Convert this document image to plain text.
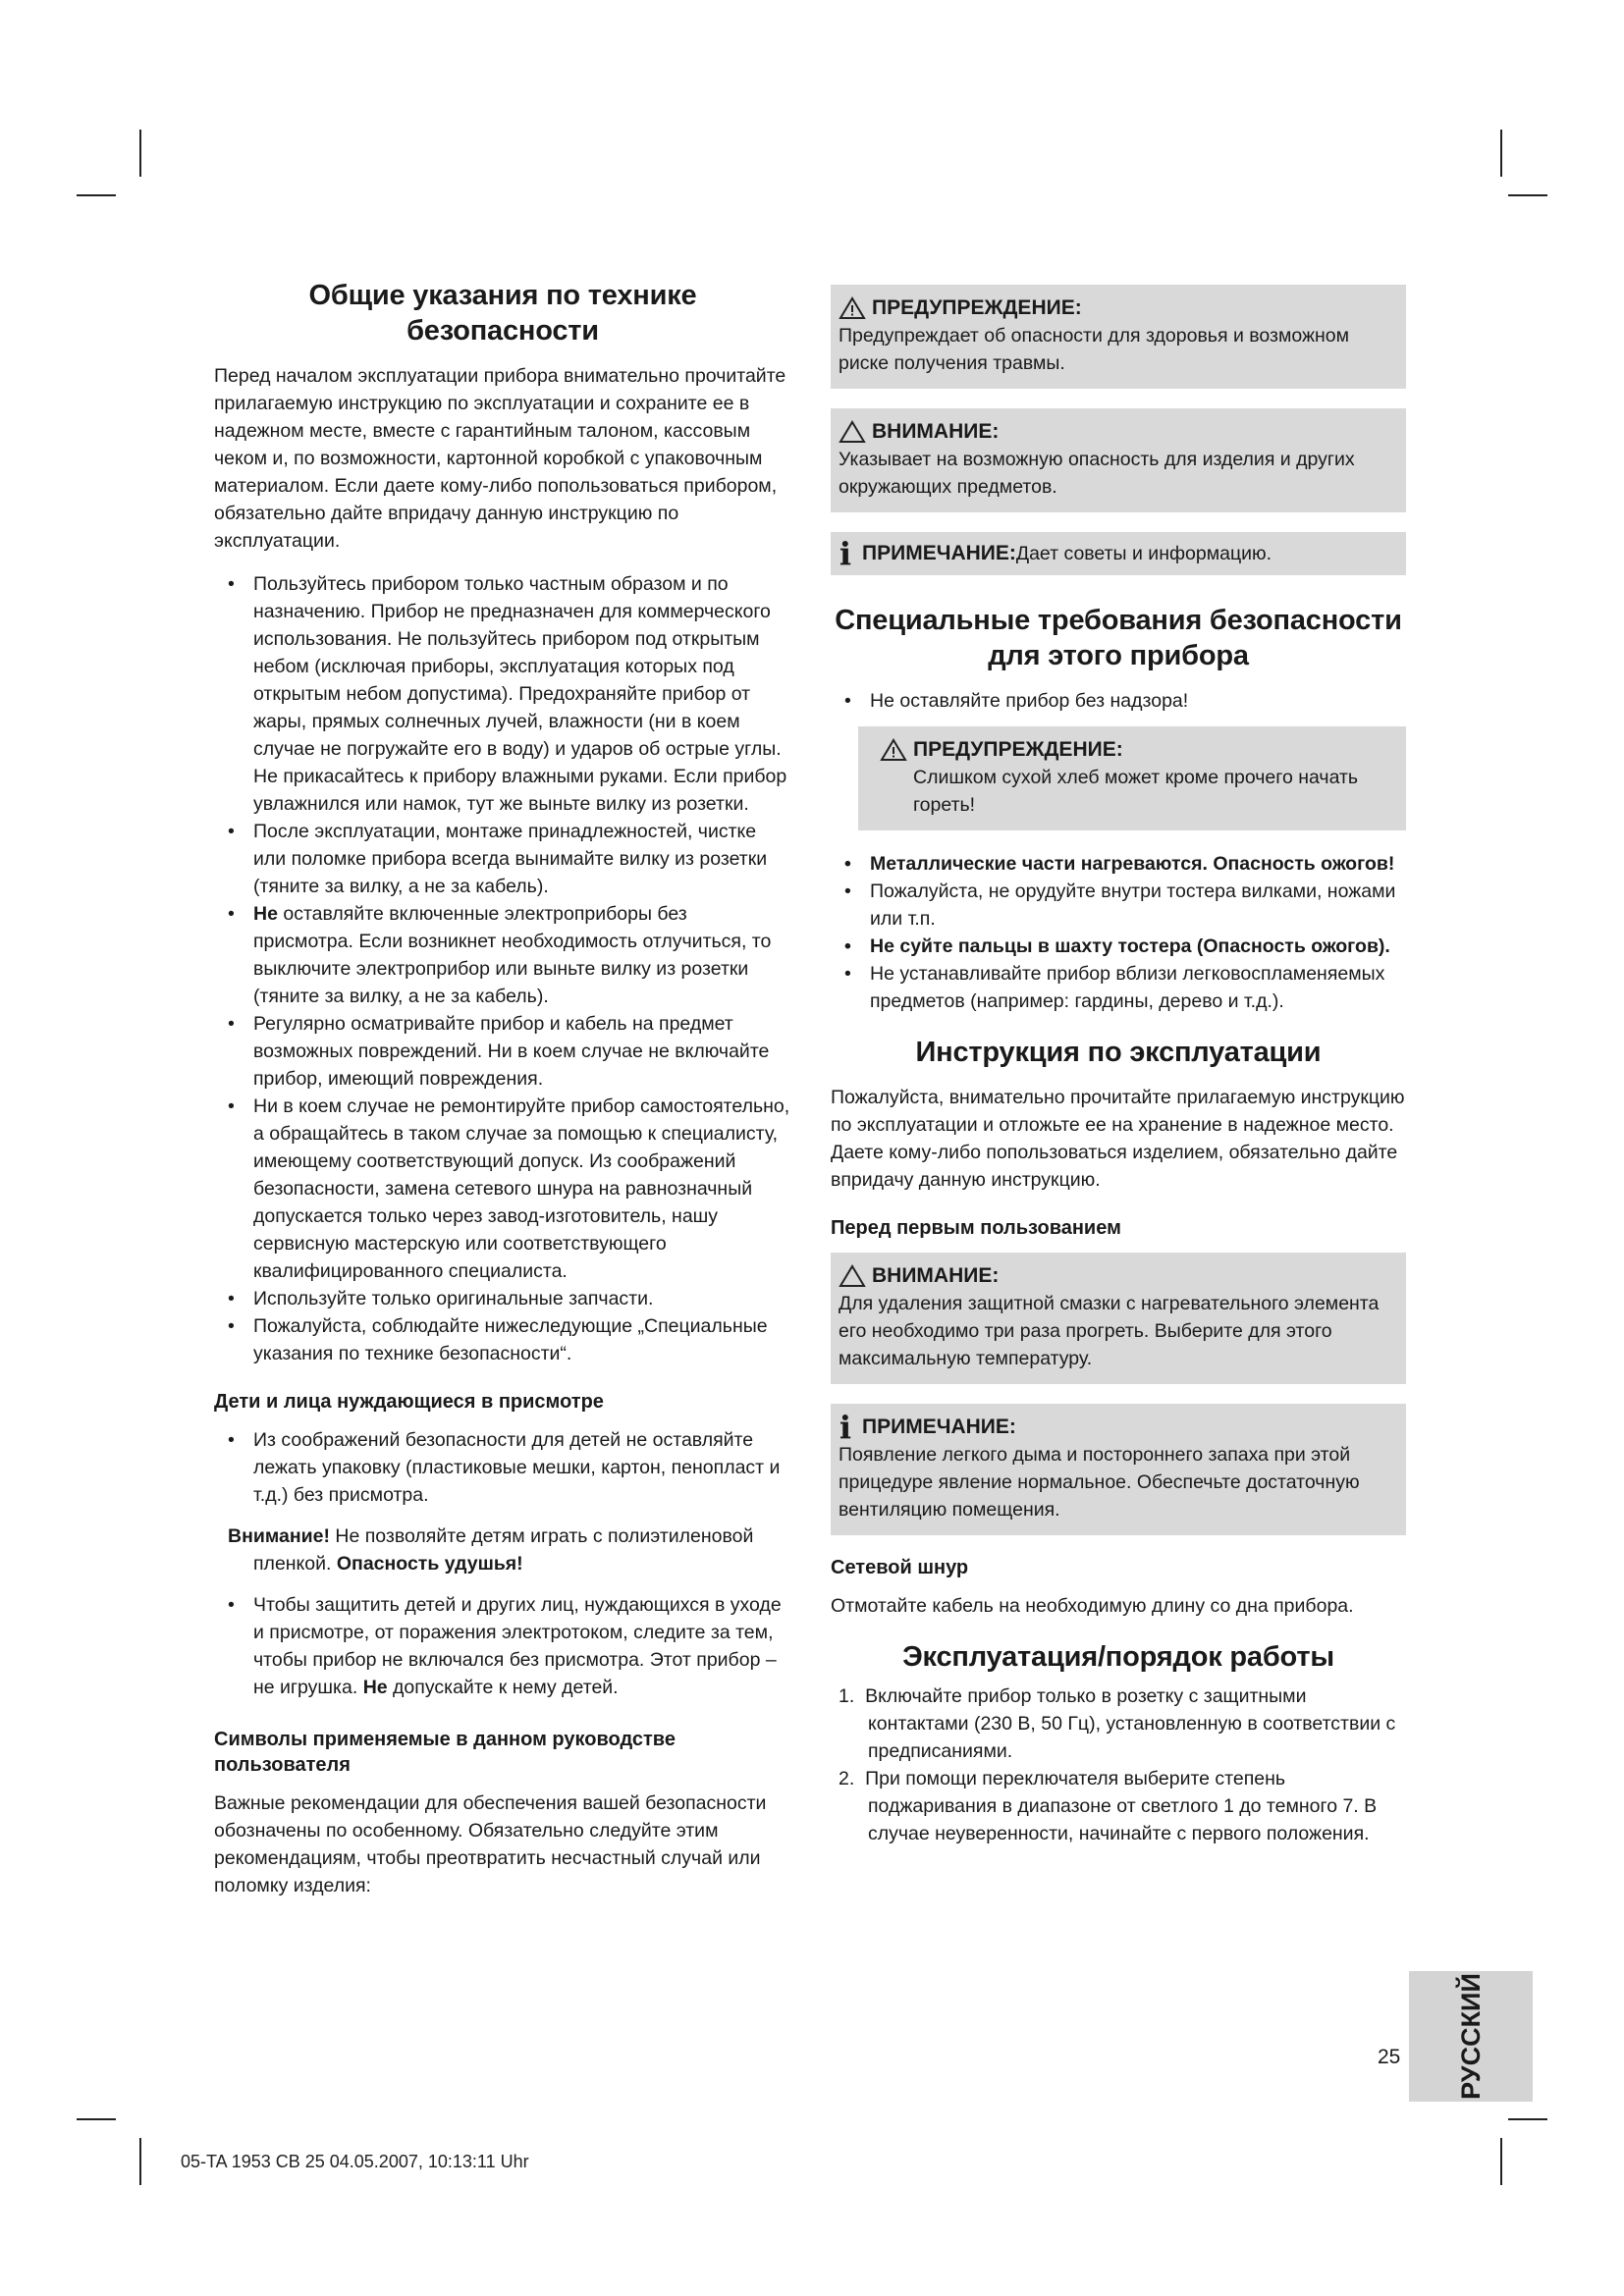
Общие указания по технике безопасности

Перед началом эксплуатации прибора внимательно прочитайте прилагаемую инструкцию по эксплуатации и сохраните ее в надежном месте, вместе с гарантийным талоном, кассовым чеком и, по возможности, картонной коробкой с упаковочным материалом. Если даете кому-либо попользоваться прибором, обязательно дайте впридачу данную инструкцию по эксплуатации.

• Пользуйтесь прибором только частным образом и по назначению. Прибор не предназначен для коммерческого использования. Не пользуйтесь прибором под открытым небом (исключая приборы, эксплуатация которых под открытым небом допустима). Предохраняйте прибор от жары, прямых солнечных лучей, влажности (ни в коем случае не погружайте его в воду) и ударов об острые углы. Не прикасайтесь к прибору влажными руками. Если прибор увлажнился или намок, тут же выньте вилку из розетки.
• После эксплуатации, монтаже принадлежностей, чистке или поломке прибора всегда вынимайте вилку из розетки (тяните за вилку, а не за кабель).
• Не оставляйте включенные электроприборы без присмотра. Если возникнет необходимость отлучиться, то выключите электроприбор или выньте вилку из розетки (тяните за вилку, а не за кабель).
• Регулярно осматривайте прибор и кабель на предмет возможных повреждений. Ни в коем случае не включайте прибор, имеющий повреждения.
• Ни в коем случае не ремонтируйте прибор самостоятельно, а обращайтесь в таком случае за помощью к специалисту, имеющему соответствующий допуск. Из соображений безопасности, замена сетевого шнура на равнозначный допускается только через завод-изготовитель, нашу сервисную мастерскую или соответствующего квалифицированного специалиста.
• Используйте только оригинальные запчасти.
• Пожалуйста, соблюдайте нижеследующие „Специальные указания по технике безопасности“.
Дети и лица нуждающиеся в присмотре
• Из соображений безопасности для детей не оставляйте лежать упаковку (пластиковые мешки, картон, пенопласт и т.д.) без присмотра.
Внимание! Не позволяйте детям играть с полиэтиленовой пленкой. Опасность удушья!
• Чтобы защитить детей и других лиц, нуждающихся в уходе и присмотре, от поражения электротоком, следите за тем, чтобы прибор не включался без присмотра. Этот прибор – не игрушка. Не допускайте к нему детей.
Символы применяемые в данном руководстве пользователя

Важные рекомендации для обеспечения вашей безопасности обозначены по особенному. Обязательно следуйте этим рекомендациям, чтобы преотвратить несчастный случай или поломку изделия:

ПРЕДУПРЕЖДЕНИЕ:
Предупреждает об опасности для здоровья и возможном риске получения травмы.
ВНИМАНИЕ:
Указывает на возможную опасность для изделия и других окружающих предметов.
i ПРИМЕЧАНИЕ: Дает советы и информацию.
Специальные требования безопасности
для этого прибора
• Не оставляйте прибор без надзора!
ПРЕДУПРЕЖДЕНИЕ:
Слишком сухой хлеб может кроме прочего начать гореть!
• Металлические части нагреваются. Опасность ожогов!
• Пожалуйста, не орудуйте внутри тостера вилками, ножами или т.п.
• Не суйте пальцы в шахту тостера (Опасность ожогов).
• Не устанавливайте прибор вблизи легковоспламеняемых предметов (например: гардины, дерево и т.д.).
Инструкция по эксплуатации

Пожалуйста, внимательно прочитайте прилагаемую инструкцию по эксплуатации и отложьте ее на хранение в надежное место. Даете кому-либо попользоваться изделием, обязательно дайте впридачу данную инструкцию.

Перед первым пользованием
ВНИМАНИЕ:
Для удаления защитной смазки с нагревательного элемента его необходимо три раза прогреть. Выберите для этого максимальную температуру.
i ПРИМЕЧАНИЕ:
Появление легкого дыма и постороннего запаха при этой прицедуре явление нормальное. Обеспечьте достаточную вентиляцию помещения.
Сетевой шнур

Отмотайте кабель на необходимую длину со дна прибора.

Эксплуатация/порядок работы
1. Включайте прибор только в розетку с защитными контактами (230 В, 50 Гц), установленную в соответствии с предписаниями.
2. При помощи переключателя выберите степень поджаривания в диапазоне от светлого 1 до темного 7. В случае неуверенности, начинайте с первого положения.
РУССКИЙ
25
05-TA 1953 CB 25 04.05.2007, 10:13:11 Uhr
